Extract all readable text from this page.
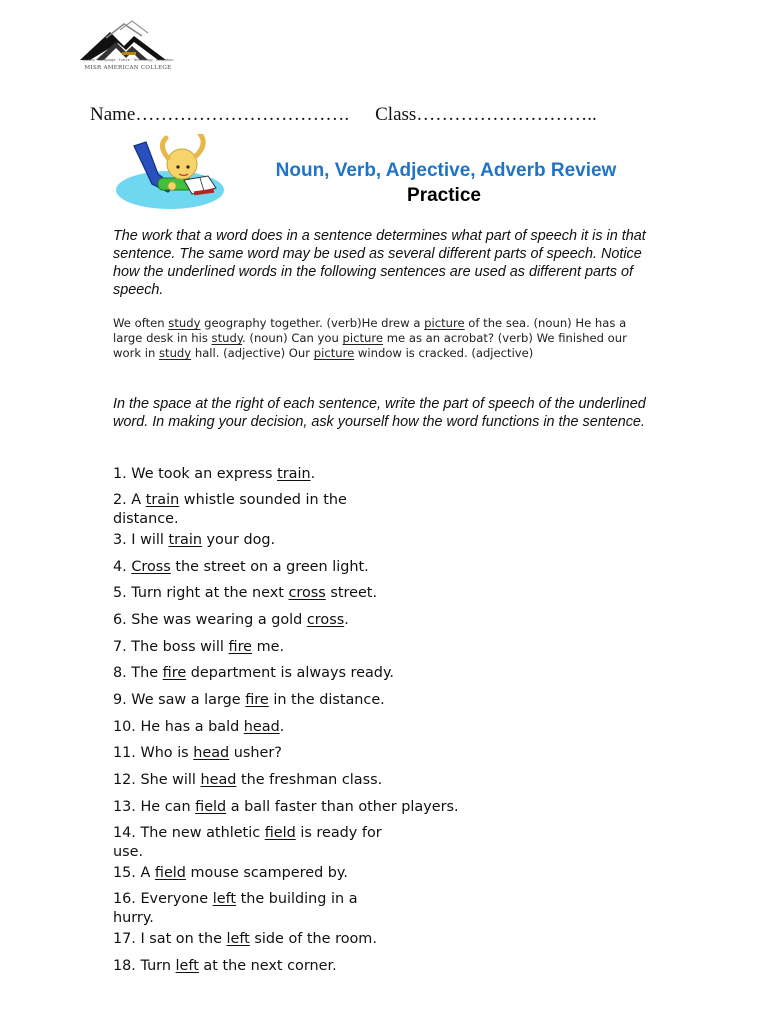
Quality · Language · Future · Technology · Education
MISR AMERICAN COLLEGE
Name……………………………. Class………………………..
Noun, Verb, Adjective, Adverb Review
Practice

The work that a word does in a sentence determines what part of speech it is in that sentence. The same word may be used as several different parts of speech. Notice how the underlined words in the following sentences are used as different parts of speech.

We often study geography together. (verb)He drew a picture of the sea. (noun) He has a large desk in his study. (noun) Can you picture me as an acrobat? (verb) We finished our work in study hall. (adjective) Our picture window is cracked. (adjective)

In the space at the right of each sentence, write the part of speech of the underlined word. In making your decision, ask yourself how the word functions in the sentence.

1. We took an express train.

2. A train whistle sounded in the distance.

3. I will train your dog.

4. Cross the street on a green light.

5. Turn right at the next cross street.

6. She was wearing a gold cross.

7. The boss will fire me.

8. The fire department is always ready.

9. We saw a large fire in the distance.

10. He has a bald head.

11. Who is head usher?

12. She will head the freshman class.

13. He can field a ball faster than other players.

14. The new athletic field is ready for use.

15. A field mouse scampered by.

16. Everyone left the building in a hurry.

17. I sat on the left side of the room.

18. Turn left at the next corner.
